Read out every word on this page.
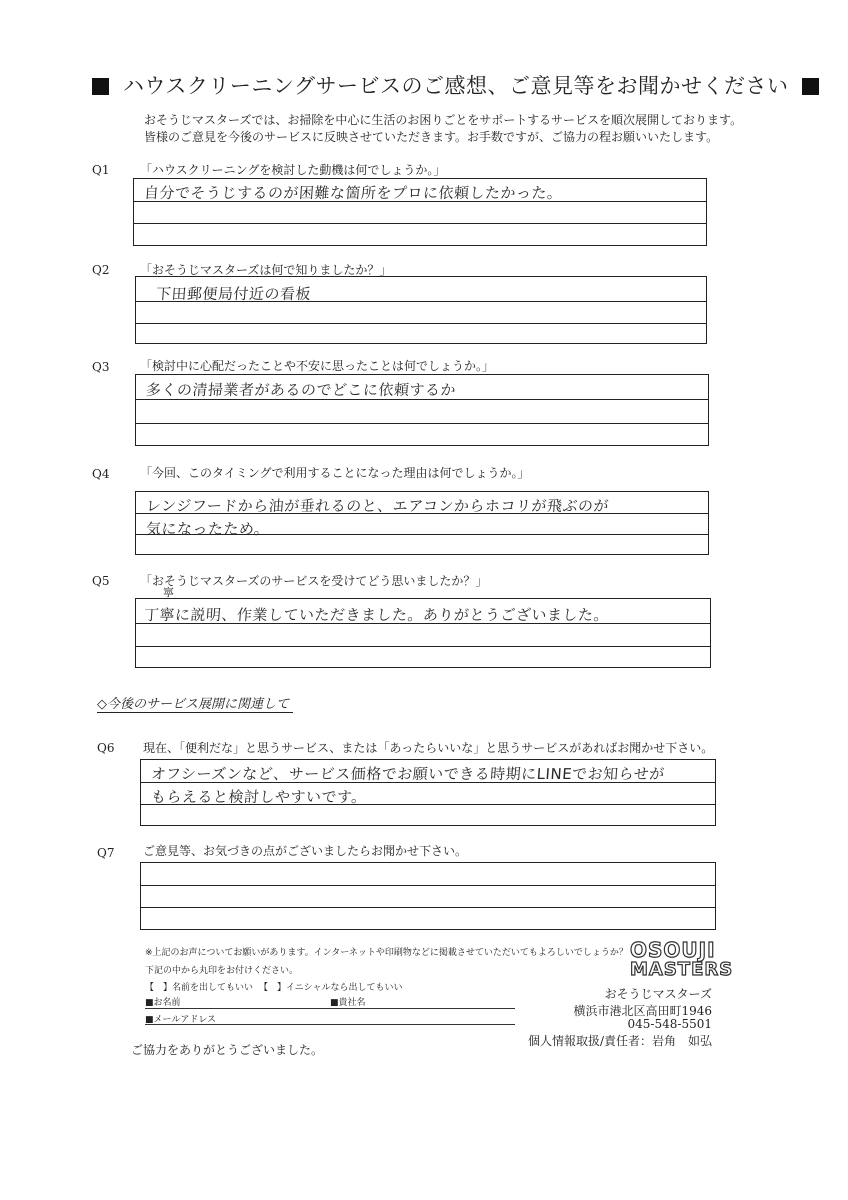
ハウスクリーニングサービスのご感想、ご意見等をお聞かせください
おそうじマスターズでは、お掃除を中心に生活のお困りごとをサポートするサービスを順次展開しております。
皆様のご意見を今後のサービスに反映させていただきます。お手数ですが、ご協力の程お願いいたします。
Q1	「ハウスクリーニングを検討した動機は何でしょうか。」
自分でそうじするのが困難な箇所をプロに依頼したかった。
Q2	「おそうじマスターズは何で知りましたか？」
下田郵便局付近の看板
Q3	「検討中に心配だったことや不安に思ったことは何でしょうか。」
多くの清掃業者があるのでどこに依頼するか
Q4	「今回、このタイミングで利用することになった理由は何でしょうか。」
レンジフードから油が垂れるのと、エアコンからホコリが飛ぶのが
気になったため。
Q5	「おそうじマスターズのサービスを受けてどう思いましたか？」
寧
丁寧に説明、作業していただきました。ありがとうございました。
◇今後のサービス展開に関連して
Q6 現在、「便利だな」と思うサービス、または「あったらいいな」と思うサービスがあればお聞かせ下さい。
オフシーズンなど、サービス価格でお願いできる時期にLINEでお知らせが
もらえると検討しやすいです。
Q7 ご意見等、お気づきの点がございましたらお聞かせ下さい。
※上記のお声についてお願いがあります。インターネットや印刷物などに掲載させていただいてもよろしいでしょうか？
下記の中から丸印をお付けください。
【　】名前を出してもいい 【　】イニシャルなら出してもいい
■お名前	■貴社名
■メールアドレス
ご協力をありがとうございました。
OSOUJI
MASTERS
おそうじマスターズ
横浜市港北区高田町1946
045-548-5501
個人情報取扱/責任者：岩角　如弘
